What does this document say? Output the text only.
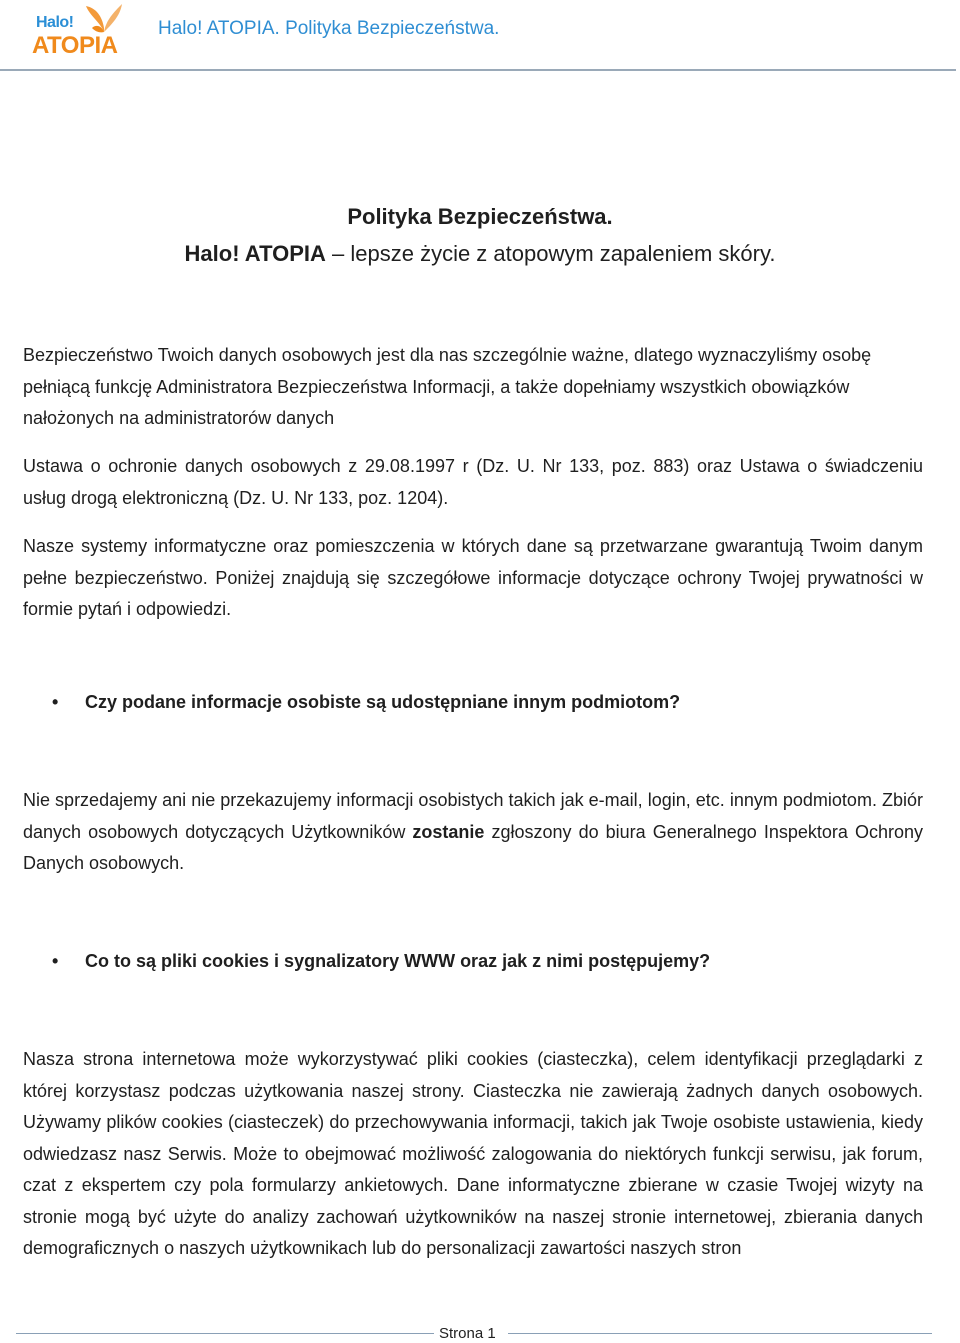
Halo!
ATOPIA
Halo! ATOPIA. Polityka Bezpieczeństwa.
Polityka Bezpieczeństwa.
Halo! ATOPIA – lepsze życie z atopowym zapaleniem skóry.
Bezpieczeństwo Twoich danych osobowych jest dla nas szczególnie ważne, dlatego wyznaczyliśmy osobę pełniącą funkcję Administratora Bezpieczeństwa Informacji, a także dopełniamy wszystkich obowiązków nałożonych na administratorów danych
Ustawa o ochronie danych osobowych z 29.08.1997 r (Dz. U. Nr 133, poz. 883) oraz Ustawa o świadczeniu usług drogą elektroniczną (Dz. U. Nr 133, poz. 1204).
Nasze systemy informatyczne oraz pomieszczenia w których dane są przetwarzane gwarantują Twoim danym pełne bezpieczeństwo. Poniżej znajdują się szczegółowe informacje dotyczące ochrony Twojej prywatności w formie pytań i odpowiedzi.
•	Czy podane informacje osobiste są udostępniane innym podmiotom?
Nie sprzedajemy ani nie przekazujemy informacji osobistych takich jak e-mail, login, etc. innym podmiotom. Zbiór danych osobowych dotyczących Użytkowników zostanie zgłoszony do biura Generalnego Inspektora Ochrony Danych osobowych.
•	Co to są pliki cookies i sygnalizatory WWW oraz jak z nimi postępujemy?
Nasza strona internetowa może wykorzystywać pliki cookies (ciasteczka), celem identyfikacji przeglądarki z której korzystasz podczas użytkowania naszej strony. Ciasteczka nie zawierają żadnych danych osobowych. Używamy plików cookies (ciasteczek) do przechowywania informacji, takich jak Twoje osobiste ustawienia, kiedy odwiedzasz nasz Serwis. Może to obejmować możliwość zalogowania do niektórych funkcji serwisu, jak forum, czat z ekspertem czy pola formularzy ankietowych. Dane informatyczne zbierane w czasie Twojej wizyty na stronie mogą być użyte do analizy zachowań użytkowników na naszej stronie internetowej, zbierania danych demograficznych o naszych użytkownikach lub do personalizacji zawartości naszych stron
Strona 1
